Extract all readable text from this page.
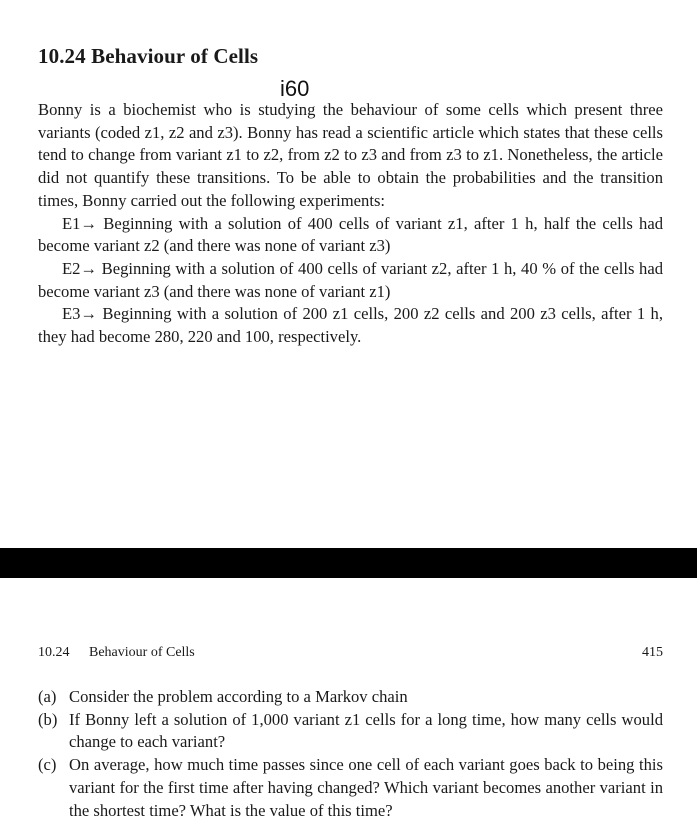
10.24 Behaviour of Cells
i60

Bonny is a biochemist who is studying the behaviour of some cells which present three variants (coded z1, z2 and z3). Bonny has read a scientific article which states that these cells tend to change from variant z1 to z2, from z2 to z3 and from z3 to z1. Nonetheless, the article did not quantify these transitions. To be able to obtain the probabilities and the transition times, Bonny carried out the following experiments:

E1→ Beginning with a solution of 400 cells of variant z1, after 1 h, half the cells had become variant z2 (and there was none of variant z3)

E2→ Beginning with a solution of 400 cells of variant z2, after 1 h, 40 % of the cells had become variant z3 (and there was none of variant z1)

E3→ Beginning with a solution of 200 z1 cells, 200 z2 cells and 200 z3 cells, after 1 h, they had become 280, 220 and 100, respectively.

10.24 Behaviour of Cells	415
(a) Consider the problem according to a Markov chain
(b) If Bonny left a solution of 1,000 variant z1 cells for a long time, how many cells would change to each variant?
(c) On average, how much time passes since one cell of each variant goes back to being this variant for the first time after having changed? Which variant becomes another variant in the shortest time? What is the value of this time?
